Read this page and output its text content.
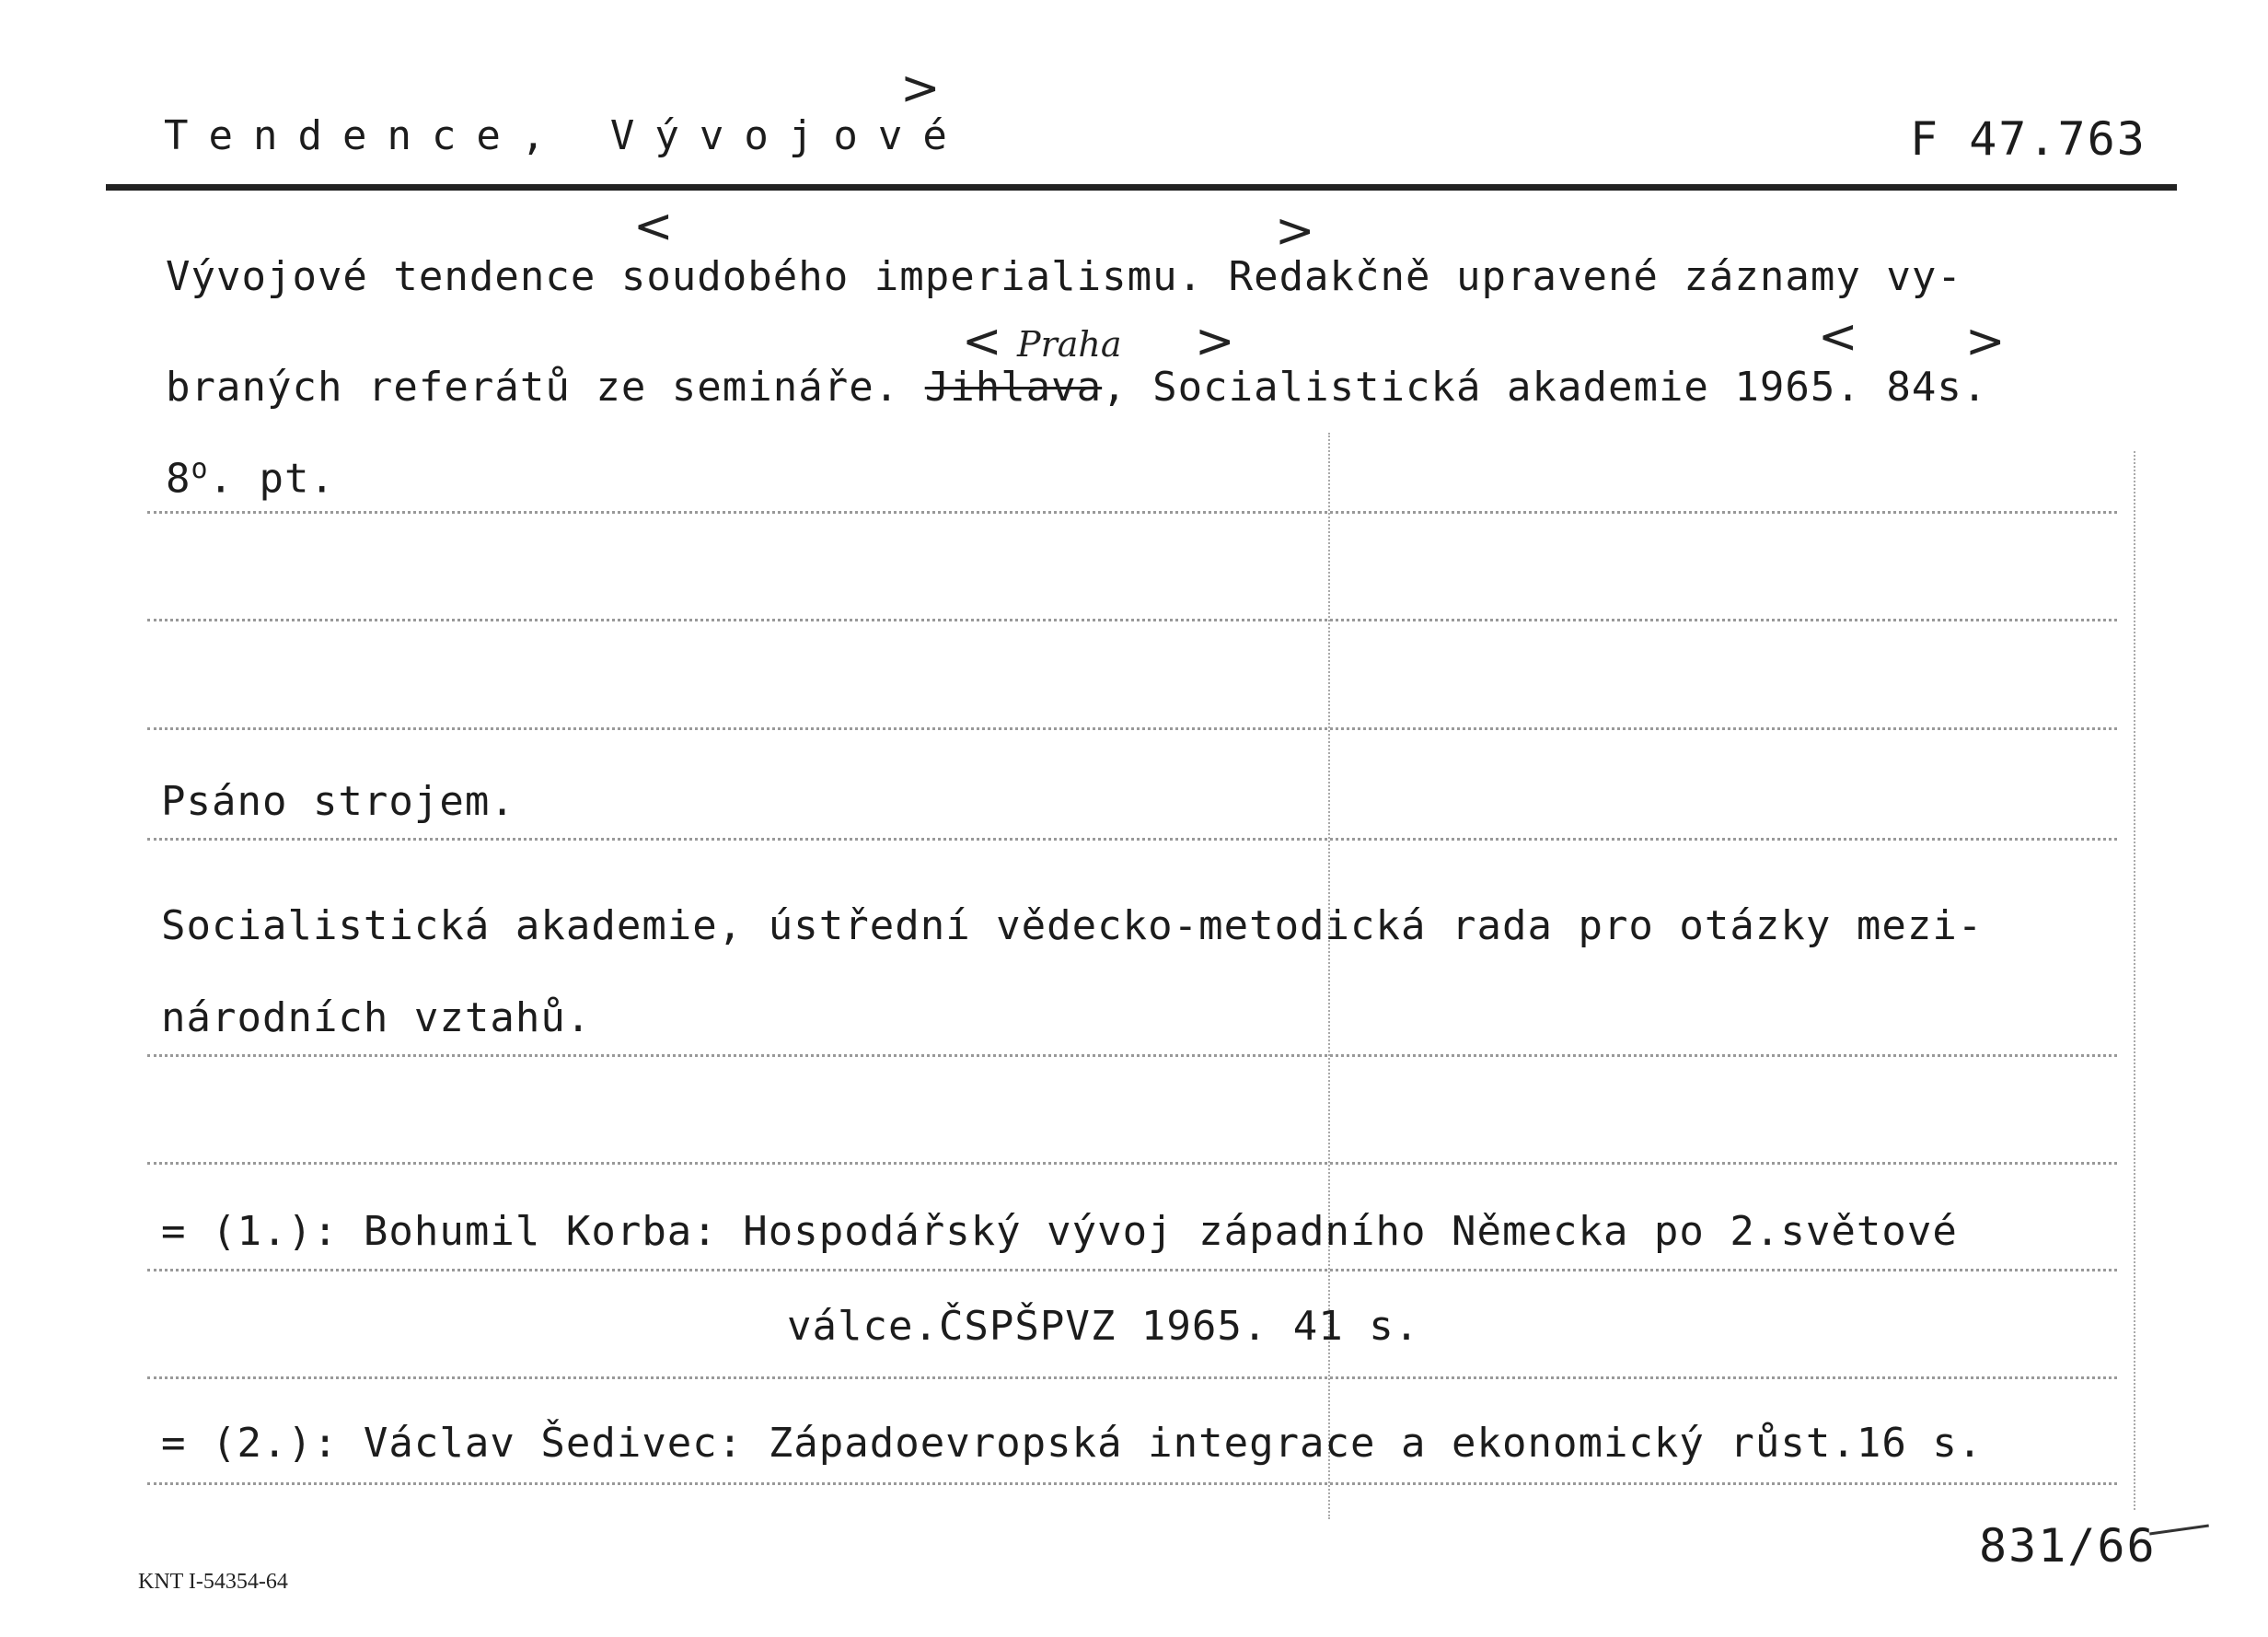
Tendence, Vývojové	F 47.763
Vývojové tendence soudobého imperialismu. Redakčně upravené záznamy vy-
braných referátů ze semináře. Jihlava, Socialistická akademie 1965. 84s.
8$^o$. pt.
>
<	>
< Praha >	< >
Psáno strojem.
Socialistická akademie, ústřední vědecko-metodická rada pro otázky mezi-
národních vztahů.
= (1.): Bohumil Korba: Hospodářský vývoj západního Německa po 2.světové
válce.ČSPŠPVZ 1965. 41 s.
= (2.): Václav Šedivec: Západoevropská integrace a ekonomický růst.16 s.
831/66
KNT I-54354-64
